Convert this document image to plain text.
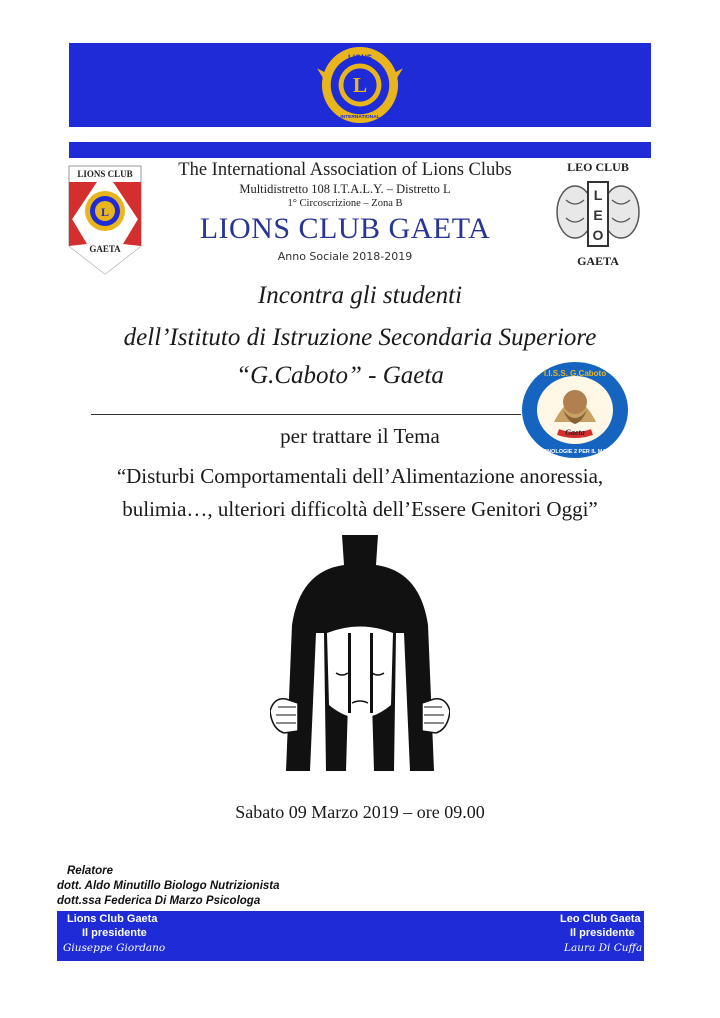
L
LIONS
INTERNATIONAL
LIONS CLUB
L
GAETA
The International Association of Lions Clubs
Multidistretto 108 I.T.A.L.Y. – Distretto L
1° Circoscrizione – Zona B
LIONS CLUB GAETA
Anno Sociale 2018-2019
LEO CLUB
L
E
O
GAETA
Incontra gli studenti
dell’Istituto di Istruzione Secondaria Superiore
“G.Caboto” - Gaeta
Gaeta
I.I.S.S. G.Caboto
TECNOLOGIE 2 PER IL MARE
per trattare il Tema
“Disturbi Comportamentali dell’Alimentazione anoressia,
bulimia…, ulteriori difficoltà dell’Essere Genitori Oggi”
Sabato 09 Marzo 2019 – ore 09.00
Relatore
dott. Aldo Minutillo Biologo Nutrizionista
dott.ssa Federica Di Marzo Psicologa
Lions Club Gaeta
Il presidente
Giuseppe Giordano
Leo Club Gaeta
Il presidente
Laura Di Cuffa
